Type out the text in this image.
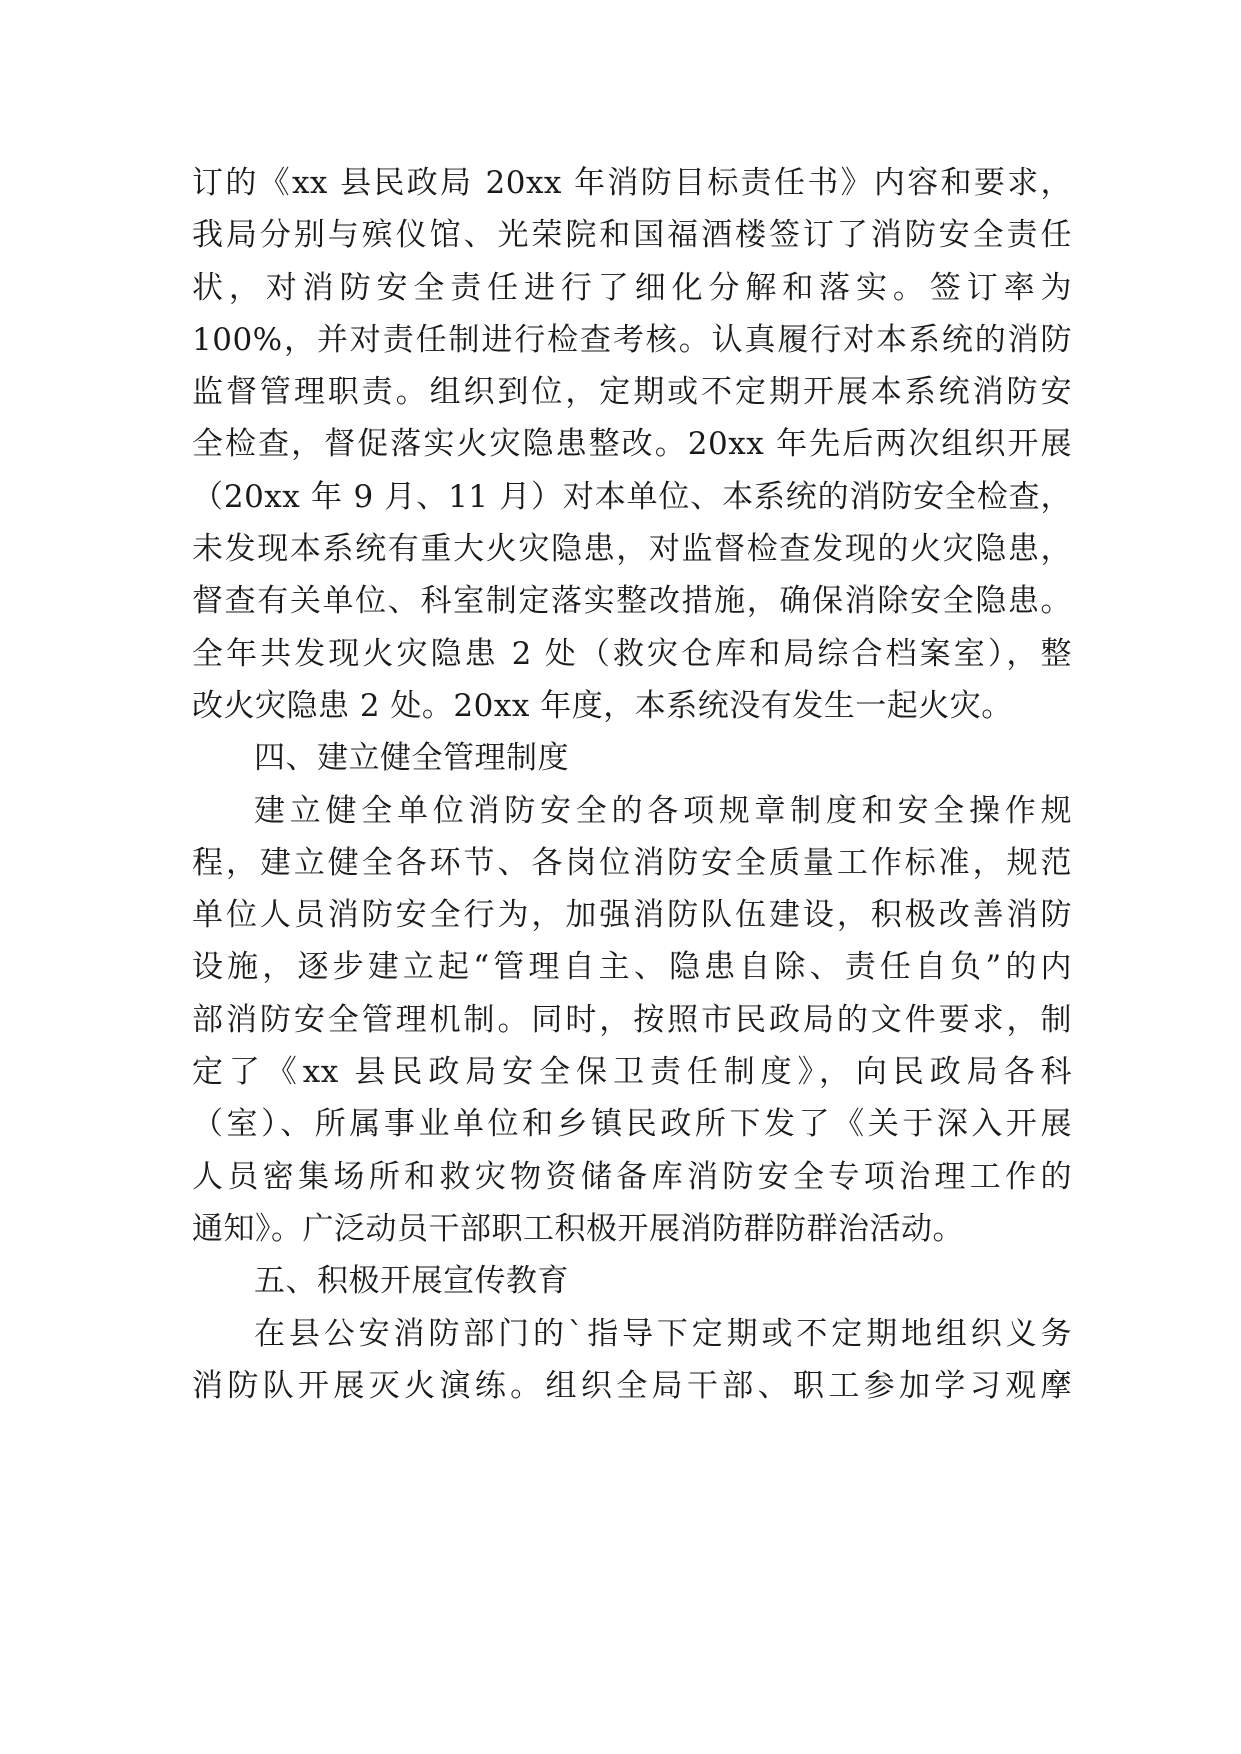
订的《xx 县民政局 20xx 年消防目标责任书》内容和要求，
我局分别与殡仪馆、光荣院和国福酒楼签订了消防安全责任
状，对消防安全责任进行了细化分解和落实。签订率为
100%，并对责任制进行检查考核。认真履行对本系统的消防
监督管理职责。组织到位，定期或不定期开展本系统消防安
全检查，督促落实火灾隐患整改。20xx 年先后两次组织开展
（20xx 年 9 月、11 月）对本单位、本系统的消防安全检查，
未发现本系统有重大火灾隐患，对监督检查发现的火灾隐患，
督查有关单位、科室制定落实整改措施，确保消除安全隐患。
全年共发现火灾隐患 2 处（救灾仓库和局综合档案室），整
改火灾隐患 2 处。20xx 年度，本系统没有发生一起火灾。
四、建立健全管理制度
建立健全单位消防安全的各项规章制度和安全操作规
程，建立健全各环节、各岗位消防安全质量工作标准，规范
单位人员消防安全行为，加强消防队伍建设，积极改善消防
设施，逐步建立起“管理自主、隐患自除、责任自负”的内
部消防安全管理机制。同时，按照市民政局的文件要求，制
定了《xx 县民政局安全保卫责任制度》，向民政局各科
（室）、所属事业单位和乡镇民政所下发了《关于深入开展
人员密集场所和救灾物资储备库消防安全专项治理工作的
通知》。广泛动员干部职工积极开展消防群防群治活动。
五、积极开展宣传教育
在县公安消防部门的`指导下定期或不定期地组织义务
消防队开展灭火演练。组织全局干部、职工参加学习观摩
